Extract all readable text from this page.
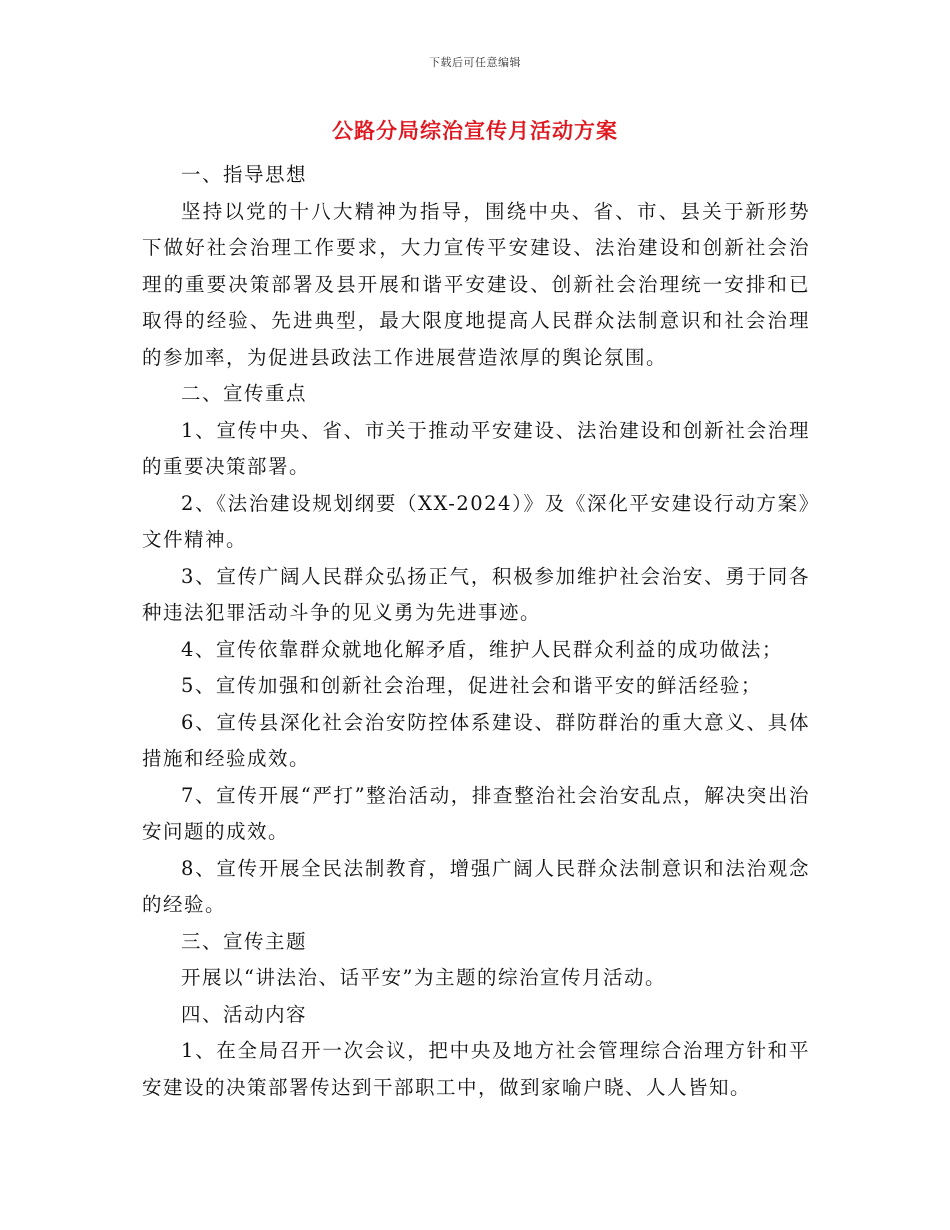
下载后可任意编辑
公路分局综治宣传月活动方案

一、指导思想

坚持以党的十八大精神为指导，围绕中央、省、市、县关于新形势下做好社会治理工作要求，大力宣传平安建设、法治建设和创新社会治理的重要决策部署及县开展和谐平安建设、创新社会治理统一安排和已取得的经验、先进典型，最大限度地提高人民群众法制意识和社会治理的参加率，为促进县政法工作进展营造浓厚的舆论氛围。

二、宣传重点

1、宣传中央、省、市关于推动平安建设、法治建设和创新社会治理的重要决策部署。

2、《法治建设规划纲要（XX-2024）》及《深化平安建设行动方案》文件精神。

3、宣传广阔人民群众弘扬正气，积极参加维护社会治安、勇于同各种违法犯罪活动斗争的见义勇为先进事迹。

4、宣传依靠群众就地化解矛盾，维护人民群众利益的成功做法；

5、宣传加强和创新社会治理，促进社会和谐平安的鲜活经验；

6、宣传县深化社会治安防控体系建设、群防群治的重大意义、具体措施和经验成效。

7、宣传开展“严打”整治活动，排查整治社会治安乱点，解决突出治安问题的成效。

8、宣传开展全民法制教育，增强广阔人民群众法制意识和法治观念的经验。

三、宣传主题

开展以“讲法治、话平安”为主题的综治宣传月活动。

四、活动内容

1、在全局召开一次会议，把中央及地方社会管理综合治理方针和平安建设的决策部署传达到干部职工中，做到家喻户晓、人人皆知。
